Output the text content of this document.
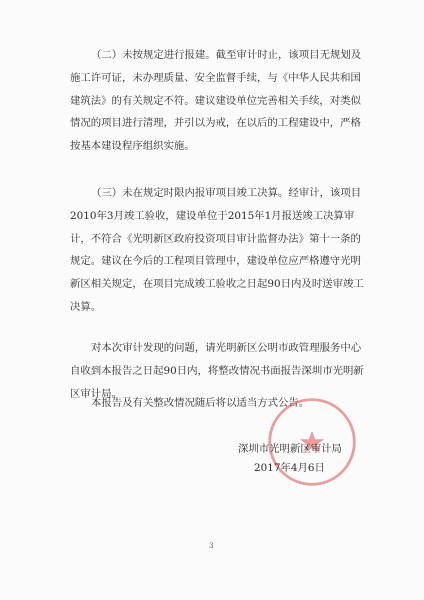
（二）未按规定进行报建。截至审计时止，该项目无规划及施工许可证，未办理质量、安全监督手续，与《中华人民共和国建筑法》的有关规定不符。建议建设单位完善相关手续，对类似情况的项目进行清理，并引以为戒，在以后的工程建设中，严格按基本建设程序组织实施。

（三）未在规定时限内报审项目竣工决算。经审计，该项目2010年3月竣工验收，建设单位于2015年1月报送竣工决算审计，不符合《光明新区政府投资项目审计监督办法》第十一条的规定。建议在今后的工程项目管理中，建设单位应严格遵守光明新区相关规定，在项目完成竣工验收之日起90日内及时送审竣工决算。

对本次审计发现的问题，请光明新区公明市政管理服务中心自收到本报告之日起90日内，将整改情况书面报告深圳市光明新区审计局。

本报告及有关整改情况随后将以适当方式公告。

深圳市光明新区审计局
2017年4月6日
3
